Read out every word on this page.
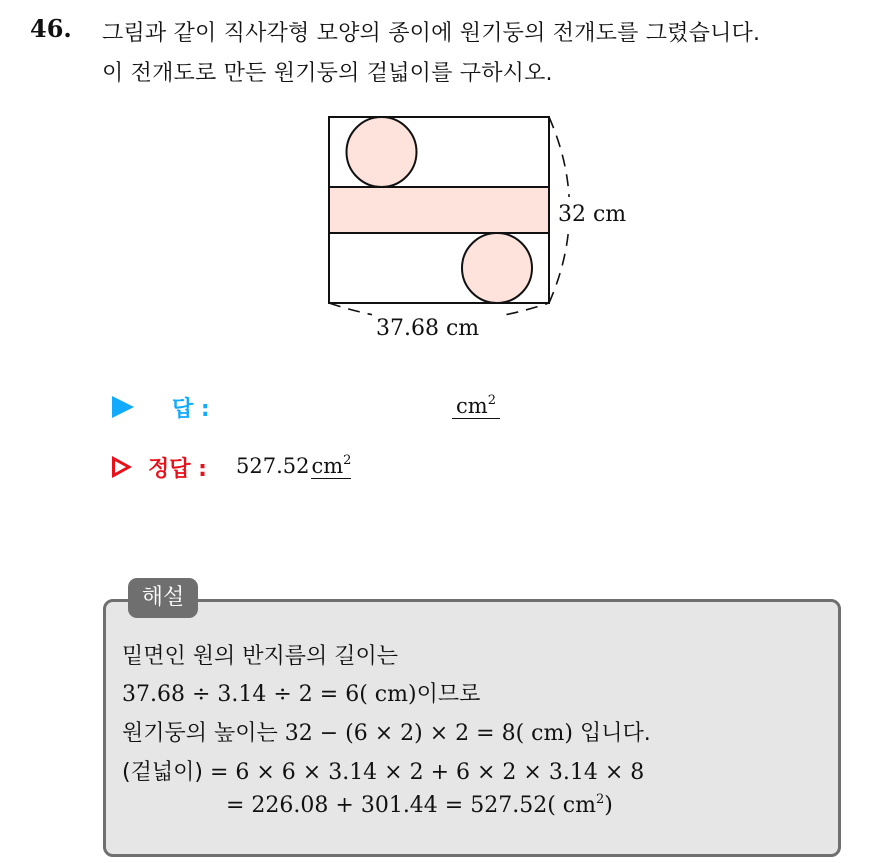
46. 그림과 같이 직사각형 모양의 종이에 원기둥의 전개도를 그렸습니다.
이 전개도로 만든 원기둥의 겉넓이를 구하시오.
32 cm
37.68 cm
답 :	$cm^2$
정답 : $527.52cm^2$
해설
밑면인 원의 반지름의 길이는
37.68 ÷ 3.14 ÷ 2 = 6( cm)이므로
원기둥의 높이는 32 − (6 × 2) × 2 = 8( cm) 입니다.
(겉넓이) = 6 × 6 × 3.14 × 2 + 6 × 2 × 3.14 × 8
= 226.08 + 301.44 = 527.52( $cm^2$)
